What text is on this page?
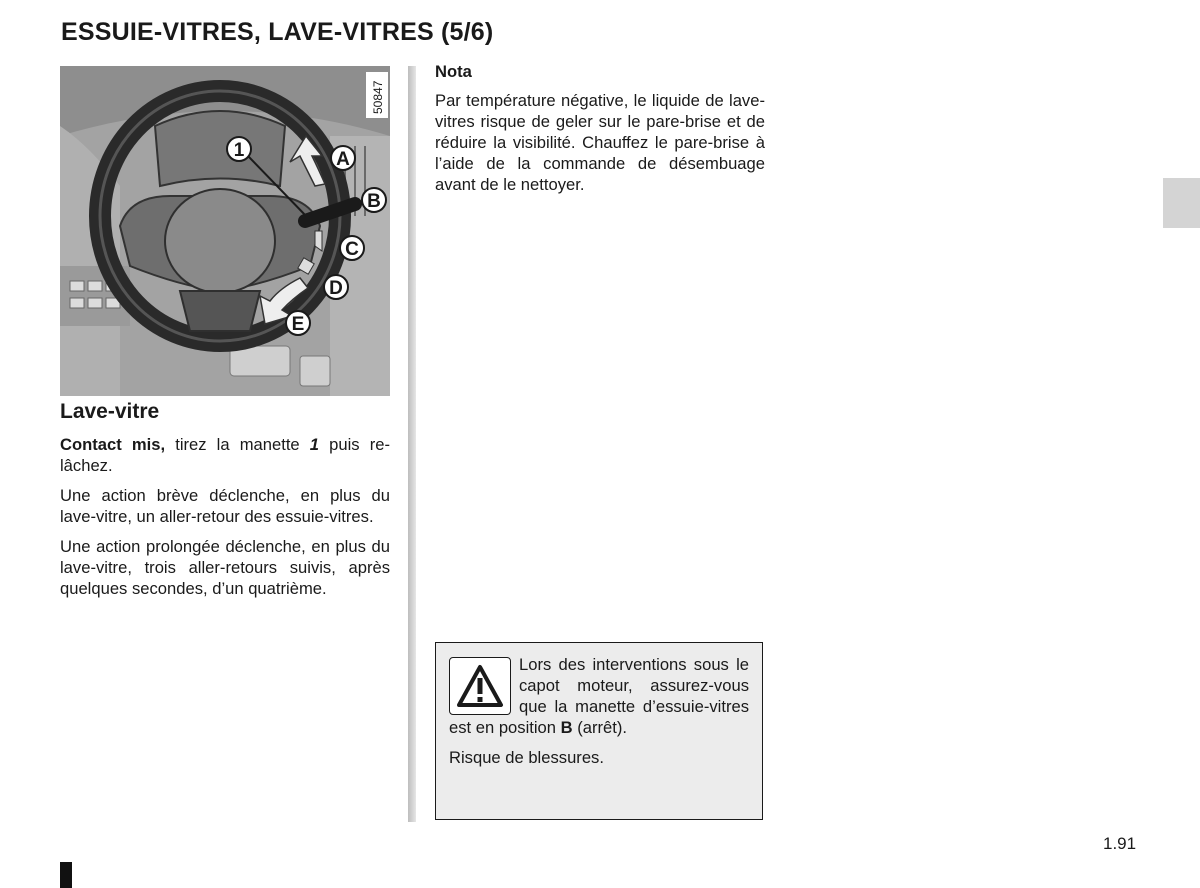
ESSUIE-VITRES, LAVE-VITRES (5/6)
50847
1	A
B
C
D
E
Lave-vitre

Contact mis, tirez la manette 1 puis re-lâchez.

Une action brève déclenche, en plus du lave-vitre, un aller-retour des essuie-vitres.

Une action prolongée déclenche, en plus du lave-vitre, trois aller-retours suivis, après quelques secondes, d’un quatrième.

Nota

Par température négative, le liquide de lave-vitres risque de geler sur le pare-brise et de réduire la visibilité. Chauffez le pare-brise à l’aide de la commande de désembuage avant de le nettoyer.

Lors des interventions sous le capot moteur, assurez-vous que la manette d’essuie-vitres est en position B (arrêt).

Risque de blessures.

1.91
